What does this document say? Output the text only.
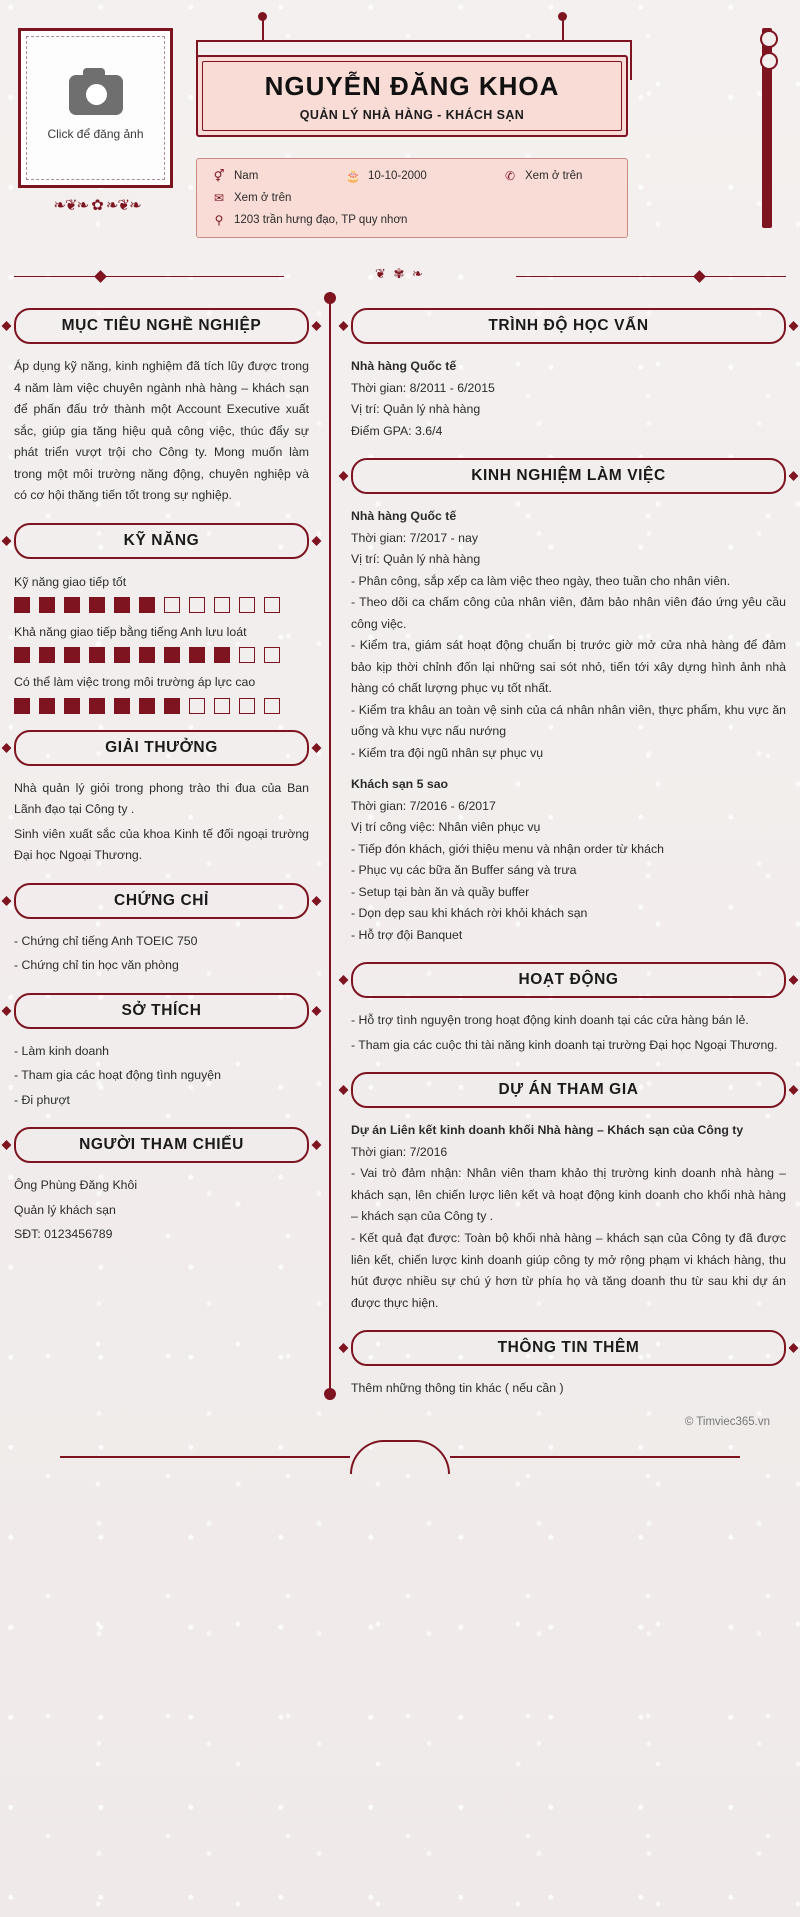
Click để đăng ảnh
❧❦❧ ✿ ❧❦❧
NGUYỄN ĐĂNG KHOA
QUẢN LÝ NHÀ HÀNG - KHÁCH SẠN
⚥ Nam	🎂 10-10-2000	✆ Xem ở trên
✉ Xem ở trên
⚲ 1203 trần hưng đạo, TP quy nhơn
❦ ✾ ❧
MỤC TIÊU NGHỀ NGHIỆP
Áp dụng kỹ năng, kinh nghiệm đã tích lũy được trong 4 năm làm việc chuyên ngành nhà hàng – khách sạn để phấn đấu trở thành một Account Executive xuất sắc, giúp gia tăng hiệu quả công việc, thúc đẩy sự phát triển vượt trội cho Công ty. Mong muốn làm trong một môi trường năng động, chuyên nghiệp và có cơ hội thăng tiến tốt trong sự nghiệp.
KỸ NĂNG
Kỹ năng giao tiếp tốt
Khả năng giao tiếp bằng tiếng Anh lưu loát
Có thể làm việc trong môi trường áp lực cao
GIẢI THƯỞNG

Nhà quản lý giỏi trong phong trào thi đua của Ban Lãnh đạo tại Công ty .

Sinh viên xuất sắc của khoa Kinh tế đối ngoại trường Đại học Ngoại Thương.

CHỨNG CHỈ

- Chứng chỉ tiếng Anh TOEIC 750

- Chứng chỉ tin học văn phòng

SỞ THÍCH

- Làm kinh doanh

- Tham gia các hoạt động tình nguyện

- Đi phượt

NGƯỜI THAM CHIẾU

Ông Phùng Đăng Khôi

Quản lý khách sạn

SĐT: 0123456789

TRÌNH ĐỘ HỌC VẤN
Nhà hàng Quốc tế
Thời gian: 8/2011 - 6/2015
Vị trí: Quản lý nhà hàng
Điểm GPA: 3.6/4
KINH NGHIỆM LÀM VIỆC
Nhà hàng Quốc tế
Thời gian: 7/2017 - nay
Vị trí: Quản lý nhà hàng
- Phân công, sắp xếp ca làm việc theo ngày, theo tuần cho nhân viên.
- Theo dõi ca chấm công của nhân viên, đảm bảo nhân viên đáo ứng yêu cầu công việc.
- Kiểm tra, giám sát hoạt động chuẩn bị trước giờ mở cửa nhà hàng để đảm bảo kịp thời chỉnh đốn lại những sai sót nhỏ, tiến tới xây dựng hình ảnh nhà hàng có chất lượng phục vụ tốt nhất.
- Kiểm tra khâu an toàn vệ sinh của cá nhân nhân viên, thực phẩm, khu vực ăn uống và khu vực nấu nướng
- Kiểm tra đội ngũ nhân sự phục vụ
Khách sạn 5 sao
Thời gian: 7/2016 - 6/2017
Vị trí công việc: Nhân viên phục vụ
- Tiếp đón khách, giới thiệu menu và nhận order từ khách
- Phục vụ các bữa ăn Buffer sáng và trưa
- Setup tại bàn ăn và quầy buffer
- Dọn dẹp sau khi khách rời khỏi khách sạn
- Hỗ trợ đội Banquet
HOẠT ĐỘNG

- Hỗ trợ tình nguyện trong hoạt động kinh doanh tại các cửa hàng bán lẻ.

- Tham gia các cuộc thi tài năng kinh doanh tại trường Đại học Ngoại Thương.

DỰ ÁN THAM GIA
Dự án Liên kết kinh doanh khối Nhà hàng – Khách sạn của Công ty
Thời gian: 7/2016
- Vai trò đảm nhận: Nhân viên tham khảo thị trường kinh doanh nhà hàng – khách sạn, lên chiến lược liên kết và hoạt động kinh doanh cho khối nhà hàng – khách sạn của Công ty .
- Kết quả đạt được: Toàn bộ khối nhà hàng – khách sạn của Công ty đã được liên kết, chiến lược kinh doanh giúp công ty mở rộng phạm vi khách hàng, thu hút được nhiều sự chú ý hơn từ phía họ và tăng doanh thu từ sau khi dự án được thực hiện.
THÔNG TIN THÊM
Thêm những thông tin khác ( nếu cần )
© Timviec365.vn
